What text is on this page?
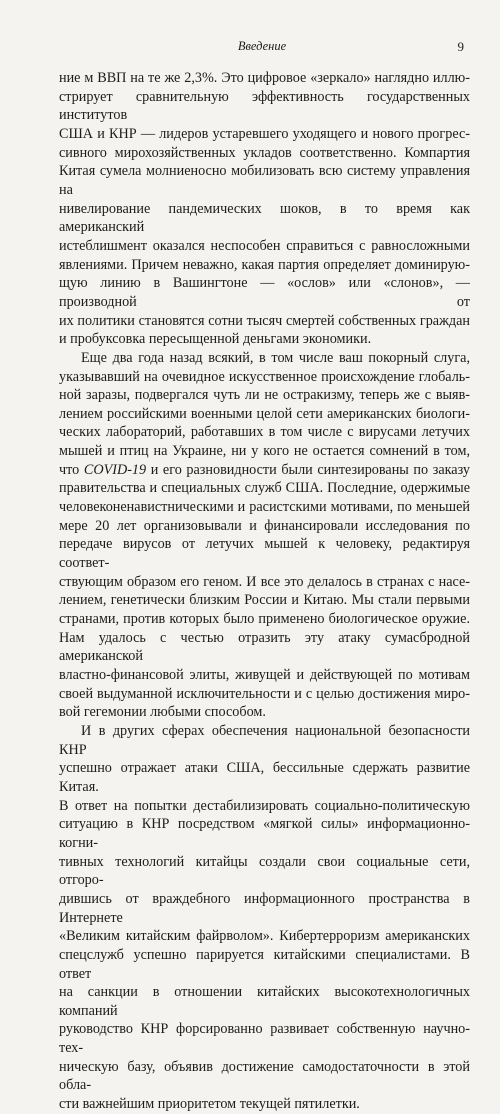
Введение	9

ние м ВВП на те же 2,3%. Это цифровое «зеркало» наглядно иллю-
стрирует сравнительную эффективность государственных институтов
США и КНР — лидеров устаревшего уходящего и нового прогрес-
сивного мирохозяйственных укладов соответственно. Компартия
Китая сумела молниеносно мобилизовать всю систему управления на
нивелирование пандемических шоков, в то время как американский
истеблишмент оказался неспособен справиться с равносложными
явлениями. Причем неважно, какая партия определяет доминирую-
щую линию в Вашингтоне — «ослов» или «слонов», — производной от
их политики становятся сотни тысяч смертей собственных граждан
и пробуксовка пересыщенной деньгами экономики.

Еще два года назад всякий, в том числе ваш покорный слуга,
указывавший на очевидное искусственное происхождение глобаль-
ной заразы, подвергался чуть ли не остракизму, теперь же с выяв-
лением российскими военными целой сети американских биологи-
ческих лабораторий, работавших в том числе с вирусами летучих
мышей и птиц на Украине, ни у кого не остается сомнений в том,
что COVID-19 и его разновидности были синтезированы по заказу
правительства и специальных служб США. Последние, одержимые
человеконенавистническими и расистскими мотивами, по меньшей
мере 20 лет организовывали и финансировали исследования по
передаче вирусов от летучих мышей к человеку, редактируя соответ-
ствующим образом его геном. И все это делалось в странах с насе-
лением, генетически близким России и Китаю. Мы стали первыми
странами, против которых было применено биологическое оружие.
Нам удалось с честью отразить эту атаку сумасбродной американской
властно-финансовой элиты, живущей и действующей по мотивам
своей выдуманной исключительности и с целью достижения миро-
вой гегемонии любыми способом.

И в других сферах обеспечения национальной безопасности КНР
успешно отражает атаки США, бессильные сдержать развитие Китая.
В ответ на попытки дестабилизировать социально-политическую
ситуацию в КНР посредством «мягкой силы» информационно-когни-
тивных технологий китайцы создали свои социальные сети, отгоро-
дившись от враждебного информационного пространства в Интернете
«Великим китайским файрволом». Кибертерроризм американских
спецслужб успешно парируется китайскими специалистами. В ответ
на санкции в отношении китайских высокотехнологичных компаний
руководство КНР форсированно развивает собственную научно-тех-
ническую базу, объявив достижение самодостаточности в этой обла-
сти важнейшим приоритетом текущей пятилетки.
